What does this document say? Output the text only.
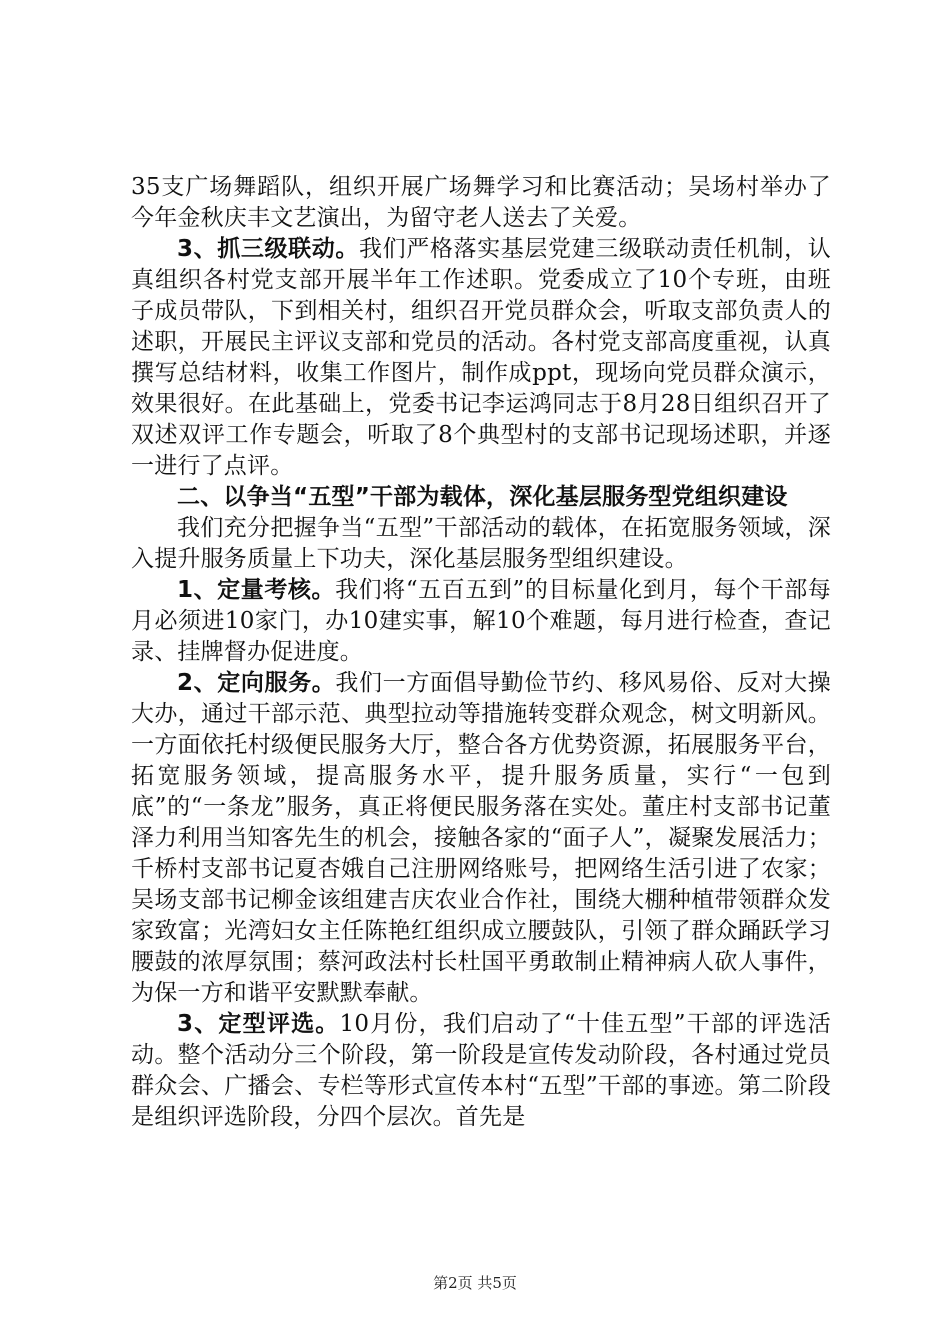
35支广场舞蹈队，组织开展广场舞学习和比赛活动；吴场村举办了今年金秋庆丰文艺演出，为留守老人送去了关爱。

3、抓三级联动。我们严格落实基层党建三级联动责任机制，认真组织各村党支部开展半年工作述职。党委成立了10个专班，由班子成员带队，下到相关村，组织召开党员群众会，听取支部负责人的述职，开展民主评议支部和党员的活动。各村党支部高度重视，认真撰写总结材料，收集工作图片，制作成ppt，现场向党员群众演示，效果很好。在此基础上，党委书记李运鸿同志于8月28日组织召开了双述双评工作专题会，听取了8个典型村的支部书记现场述职，并逐一进行了点评。

二、以争当“五型”干部为载体，深化基层服务型党组织建设

我们充分把握争当“五型”干部活动的载体，在拓宽服务领域，深入提升服务质量上下功夫，深化基层服务型组织建设。

1、定量考核。我们将“五百五到”的目标量化到月，每个干部每月必须进10家门，办10建实事，解10个难题，每月进行检查，查记录、挂牌督办促进度。

2、定向服务。我们一方面倡导勤俭节约、移风易俗、反对大操大办，通过干部示范、典型拉动等措施转变群众观念，树文明新风。一方面依托村级便民服务大厅，整合各方优势资源，拓展服务平台，拓宽服务领域，提高服务水平，提升服务质量，实行“一包到底”的“一条龙”服务，真正将便民服务落在实处。董庄村支部书记董泽力利用当知客先生的机会，接触各家的“面子人”，凝聚发展活力；千桥村支部书记夏杏娥自己注册网络账号，把网络生活引进了农家；吴场支部书记柳金该组建吉庆农业合作社，围绕大棚种植带领群众发家致富；光湾妇女主任陈艳红组织成立腰鼓队，引领了群众踊跃学习腰鼓的浓厚氛围；蔡河政法村长杜国平勇敢制止精神病人砍人事件，为保一方和谐平安默默奉献。

3、定型评选。10月份，我们启动了“十佳五型”干部的评选活动。整个活动分三个阶段，第一阶段是宣传发动阶段，各村通过党员群众会、广播会、专栏等形式宣传本村“五型”干部的事迹。第二阶段是组织评选阶段，分四个层次。首先是

第2页 共5页
